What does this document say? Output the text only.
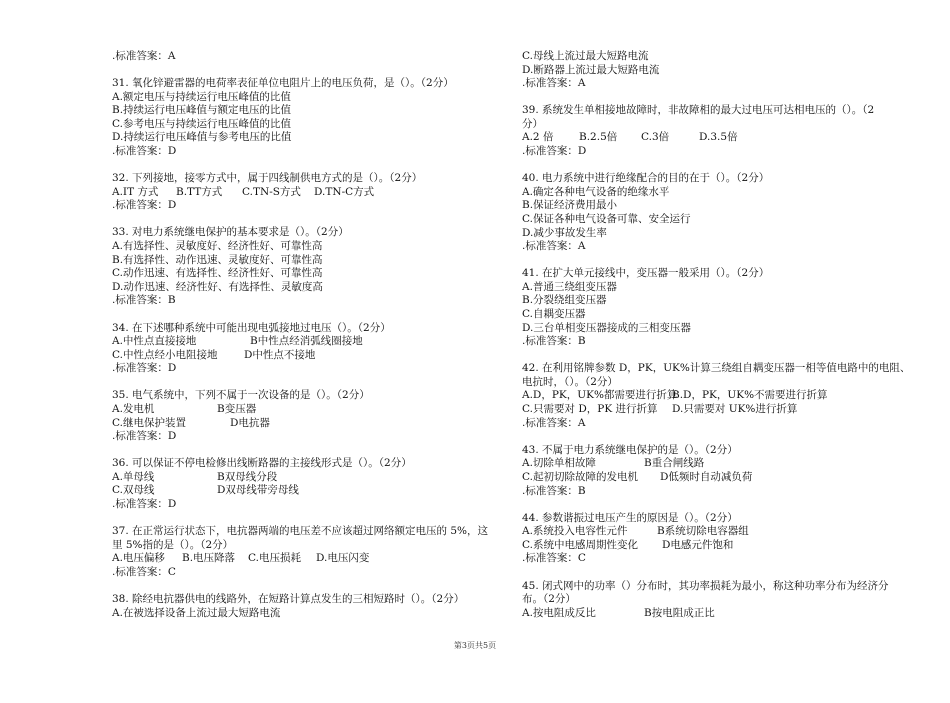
.标准答案：A
31. 氧化锌避雷器的电荷率表征单位电阻片上的电压负荷，是（）。（2分）
A.额定电压与持续运行电压峰值的比值
B.持续运行电压峰值与额定电压的比值
C.参考电压与持续运行电压峰值的比值
D.持续运行电压峰值与参考电压的比值
.标准答案：D
32. 下列接地，接零方式中，属于四线制供电方式的是（）。（2分）
A.IT 方式 B.TT方式 C.TN-S方式 D.TN-C方式
.标准答案：D
33. 对电力系统继电保护的基本要求是（）。（2分）
A.有选择性、灵敏度好、经济性好、可靠性高
B.有选择性、动作迅速、灵敏度好、可靠性高
C.动作迅速、有选择性、经济性好、可靠性高
D.动作迅速、经济性好、有选择性、灵敏度高
.标准答案：B
34. 在下述哪种系统中可能出现电弧接地过电压（）。（2分）
A.中性点直接接地	B中性点经消弧线圈接地
C.中性点经小电阻接地	D中性点不接地
.标准答案：D
35. 电气系统中，下列不属于一次设备的是（）。（2分）
A.发电机	B变压器
C.继电保护装置	D电抗器
.标准答案：D
36. 可以保证不停电检修出线断路器的主接线形式是（）。（2分）
A.单母线	B双母线分段
C.双母线	D双母线带旁母线
.标准答案：D
37. 在正常运行状态下，电抗器两端的电压差不应该超过网络额定电压的 5%，这
里 5%指的是（）。（2分）
A.电压偏移 B.电压降落 C.电压损耗 D.电压闪变
.标准答案：C
38. 除经电抗器供电的线路外，在短路计算点发生的三相短路时（）。（2分）
A.在被选择设备上流过最大短路电流
C.母线上流过最大短路电流
D.断路器上流过最大短路电流
.标准答案：A
39. 系统发生单相接地故障时，非故障相的最大过电压可达相电压的（）。（2
分）
A.2 倍 B.2.5倍 C.3倍	D.3.5倍
.标准答案：D
40. 电力系统中进行绝缘配合的目的在于（）。（2分）
A.确定各种电气设备的绝缘水平
B.保证经济费用最小
C.保证各种电气设备可靠、安全运行
D.减少事故发生率
.标准答案：A
41. 在扩大单元接线中，变压器一般采用（）。（2分）
A.普通三绕组变压器
B.分裂绕组变压器
C.自耦变压器
D.三台单相变压器接成的三相变压器
.标准答案：B
42. 在利用铭牌参数 D，PK，UK%计算三绕组自耦变压器一相等值电路中的电阻、
电抗时，（）。（2分）
A.D，PK，UK%都需要进行折算B.D，PK，UK%不需要进行折算
C.只需要对 D，PK 进行折算 D.只需要对 UK%进行折算
.标准答案：A
43. 不属于电力系统继电保护的是（）。（2分）
A.切除单相故障	B重合闸线路
C.起初切除故障的发电机 D低频时自动减负荷
.标准答案：B
44. 参数谐振过电压产生的原因是（）。（2分）
A.系统投入电容性元件	B系统切除电容器组
C.系统中电感周期性变化 D电感元件饱和
.标准答案：C
45. 闭式网中的功率（）分布时，其功率损耗为最小，称这种功率分布为经济分
布。（2分）
A.按电阻成反比	B按电阻成正比
第3页共5页
